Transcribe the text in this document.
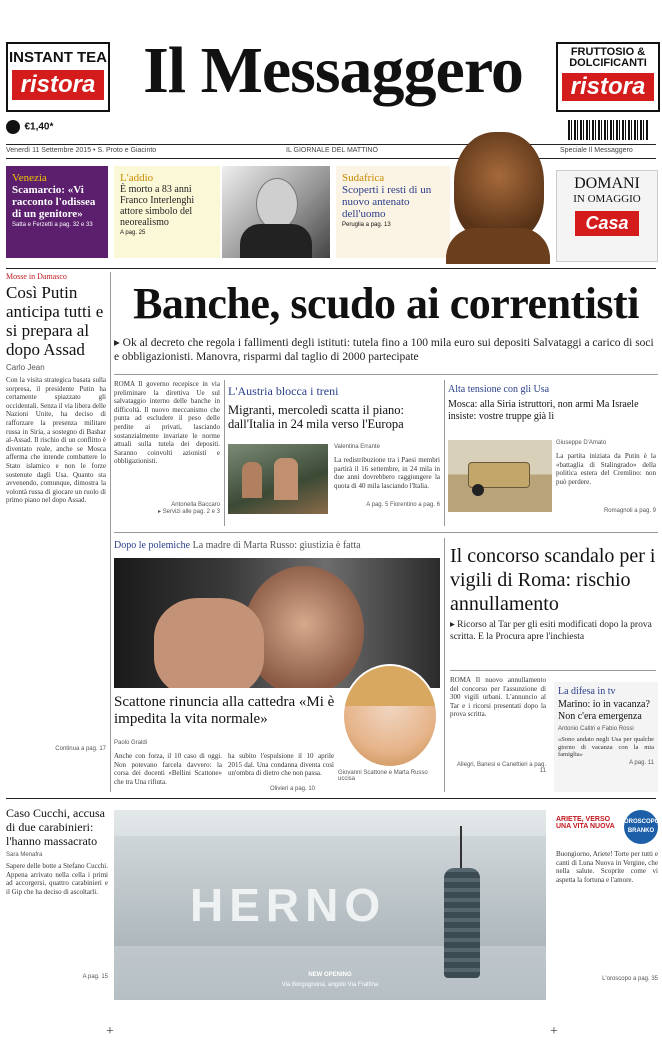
INSTANT TEA
ristora
FRUTTOSIO &
DOLCIFICANTI
ristora
Il Messaggero
€1,40*
Venerdì 11 Settembre 2015 • S. Proto e Giacinto	IL GIORNALE DEL MATTINO	Speciale Il Messaggero
Venezia
Scamarcio: «Vi racconto l'odissea di un genitore»
Satta e Ferzetti a pag. 32 e 33
L'addio
È morto a 83 anni Franco Interlenghi attore simbolo del neorealismo
A pag. 25
Sudafrica
Scoperti i resti di un nuovo antenato dell'uomo
Peruglia a pag. 13
DOMANI
IN OMAGGIO
Casa
Mosse in Damasco
Così Putin anticipa tutti e si prepara al dopo Assad
Carlo Jean
Con la visita strategica basata sulla sorpresa, il presidente Putin ha certamente spiazzato gli occidentali. Senza il via libera delle Nazioni Unite, ha deciso di rafforzare la presenza militare russa in Siria, a sostegno di Bashar al-Assad. Il rischio di un conflitto è diventato reale, anche se Mosca afferma che intende combattere lo Stato islamico e non le forze sostenute dagli Usa. Quanto sta avvenendo, comunque, dimostra la volontà russa di giocare un ruolo di primo piano nel dopo Assad.
Continua a pag. 17
Banche, scudo ai correntisti
▸ Ok al decreto che regola i fallimenti degli istituti: tutela fino a 100 mila euro sui depositi Salvataggi a carico di soci e obbligazionisti. Manovra, risparmi dal taglio di 2000 partecipate
ROMA Il governo recepisce in via preliminare la direttiva Ue sul salvataggio interno delle banche in difficoltà. Il nuovo meccanismo che punta ad escludere il peso delle perdite ai privati, lasciando sostanzialmente invariate le norme attuali sulla tutela dei depositi. Saranno coinvolti azionisti e obbligazionisti.
Antonella Baccaro
▸ Servizi alle pag. 2 e 3
L'Austria blocca i treni
Migranti, mercoledì scatta il piano: dall'Italia in 24 mila verso l'Europa
Valentina Errante
La redistribuzione tra i Paesi membri partirà il 16 settembre, in 24 mila in due anni dovrebbero raggiungere la quota di 40 mila lasciando l'Italia.
A pag. 5 Fiorentino a pag. 6
Alta tensione con gli Usa
Mosca: alla Siria istruttori, non armi Ma Israele insiste: vostre truppe già lì
Giuseppe D'Amato
La partita iniziata da Putin è la «battaglia di Stalingrado» della politica estera del Cremlino: non può perdere.
Romagnoli a pag. 9
Dopo le polemiche La madre di Marta Russo: giustizia è fatta
Scattone rinuncia alla cattedra «Mi è impedita la vita normale»
Paolo Graldi
Anche con forza, il 10 caso di oggi. Non potevano farcela davvero: la corsa dei docenti «Bellini Scattone» che tra Una rifiuta.
ha subito l'espulsione il 10 aprile 2015 dal. Una condanna diventa così un'ombra di dietro che non passa.	Giovanni Scattone e Marta Russo uccisa
Olivieri a pag. 10
Il concorso scandalo per i vigili di Roma: rischio annullamento
▸ Ricorso al Tar per gli esiti modificati dopo la prova scritta. E la Procura apre l'inchiesta
ROMA Il nuovo annullamento del concorso per l'assunzione di 300 vigili urbani. L'annuncio al Tar e i ricorsi presentati dopo la prova scritta.
Allegri, Banesi e Canettieri a pag. 11
La difesa in tv
Marino: io in vacanza? Non c'era emergenza
Antonio Calitri e Fabio Rossi
«Sono andato negli Usa per qualche giorno di vacanza con la mia famiglia»
A pag. 11
Caso Cucchi, accusa di due carabinieri: l'hanno massacrato
Sara Menafra
Sapere delle botte a Stefano Cucchi. Appena arrivato nella cella i primi ad accorgersi, quattro carabinieri e il Gip che ha deciso di ascoltarli.
A pag. 15
HERNO
NEW OPENING
Via Borgognona, angolo Via Frattina
OROSCOPO BRANKO
ARIETE, VERSO UNA VITA NUOVA
Buongiorno, Ariete! Torte per tutti e canti di Luna Nuova in Vergine, che nella salute. Scoprite come vi aspetta la fortuna e l'amore.
L'oroscopo a pag. 35
+	+
